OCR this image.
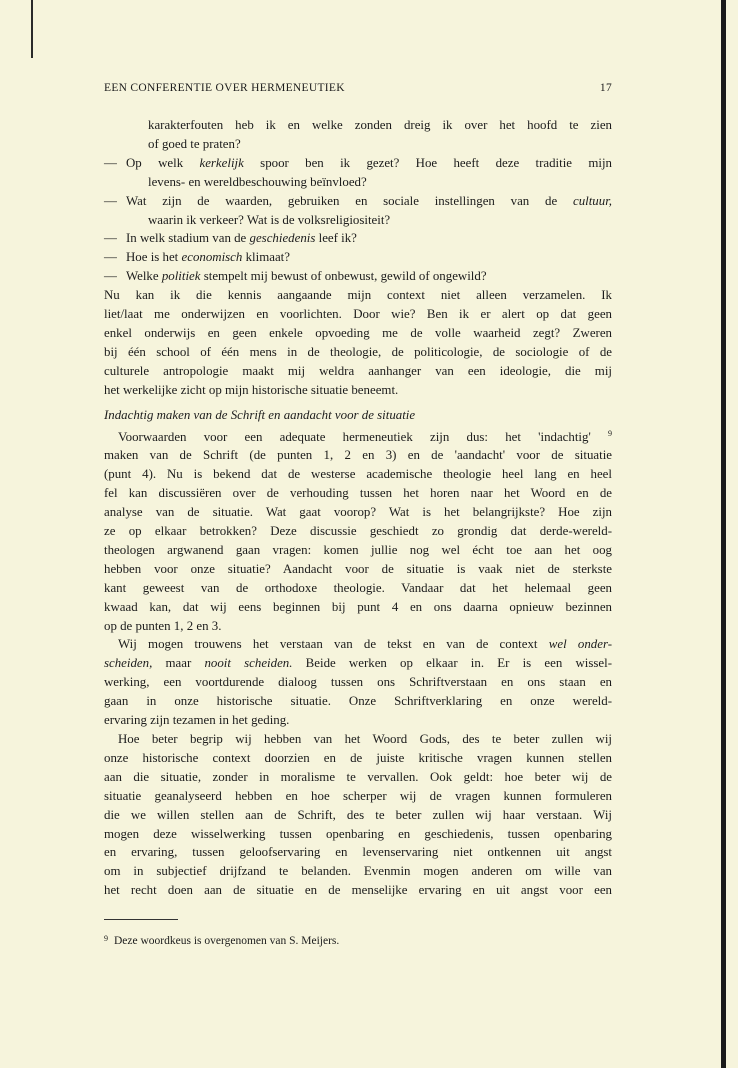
EEN CONFERENTIE OVER HERMENEUTIEK	17

karakterfouten heb ik en welke zonden dreig ik over het hoofd te zien

of goed te praten?

— Op welk kerkelijk spoor ben ik gezet? Hoe heeft deze traditie mijn

levens- en wereldbeschouwing beïnvloed?

— Wat zijn de waarden, gebruiken en sociale instellingen van de cultuur,

waarin ik verkeer? Wat is de volksreligiositeit?

— In welk stadium van de geschiedenis leef ik?

— Hoe is het economisch klimaat?

— Welke politiek stempelt mij bewust of onbewust, gewild of ongewild?

Nu kan ik die kennis aangaande mijn context niet alleen verzamelen. Ik

liet/laat me onderwijzen en voorlichten. Door wie? Ben ik er alert op dat geen

enkel onderwijs en geen enkele opvoeding me de volle waarheid zegt? Zweren

bij één school of één mens in de theologie, de politicologie, de sociologie of de

culturele antropologie maakt mij weldra aanhanger van een ideologie, die mij

het werkelijke zicht op mijn historische situatie beneemt.

Indachtig maken van de Schrift en aandacht voor de situatie

Voorwaarden voor een adequate hermeneutiek zijn dus: het 'indachtig' $^9$

maken van de Schrift (de punten 1, 2 en 3) en de 'aandacht' voor de situatie

(punt 4). Nu is bekend dat de westerse academische theologie heel lang en heel

fel kan discussiëren over de verhouding tussen het horen naar het Woord en de

analyse van de situatie. Wat gaat voorop? Wat is het belangrijkste? Hoe zijn

ze op elkaar betrokken? Deze discussie geschiedt zo grondig dat derde-wereld-

theologen argwanend gaan vragen: komen jullie nog wel écht toe aan het oog

hebben voor onze situatie? Aandacht voor de situatie is vaak niet de sterkste

kant geweest van de orthodoxe theologie. Vandaar dat het helemaal geen

kwaad kan, dat wij eens beginnen bij punt 4 en ons daarna opnieuw bezinnen

op de punten 1, 2 en 3.

Wij mogen trouwens het verstaan van de tekst en van de context wel onder-

scheiden, maar nooit scheiden. Beide werken op elkaar in. Er is een wissel-

werking, een voortdurende dialoog tussen ons Schriftverstaan en ons staan en

gaan in onze historische situatie. Onze Schriftverklaring en onze wereld-

ervaring zijn tezamen in het geding.

Hoe beter begrip wij hebben van het Woord Gods, des te beter zullen wij

onze historische context doorzien en de juiste kritische vragen kunnen stellen

aan die situatie, zonder in moralisme te vervallen. Ook geldt: hoe beter wij de

situatie geanalyseerd hebben en hoe scherper wij de vragen kunnen formuleren

die we willen stellen aan de Schrift, des te beter zullen wij haar verstaan. Wij

mogen deze wisselwerking tussen openbaring en geschiedenis, tussen openbaring

en ervaring, tussen geloofservaring en levenservaring niet ontkennen uit angst

om in subjectief drijfzand te belanden. Evenmin mogen anderen om wille van

het recht doen aan de situatie en de menselijke ervaring en uit angst voor een

$^9$ Deze woordkeus is overgenomen van S. Meijers.
